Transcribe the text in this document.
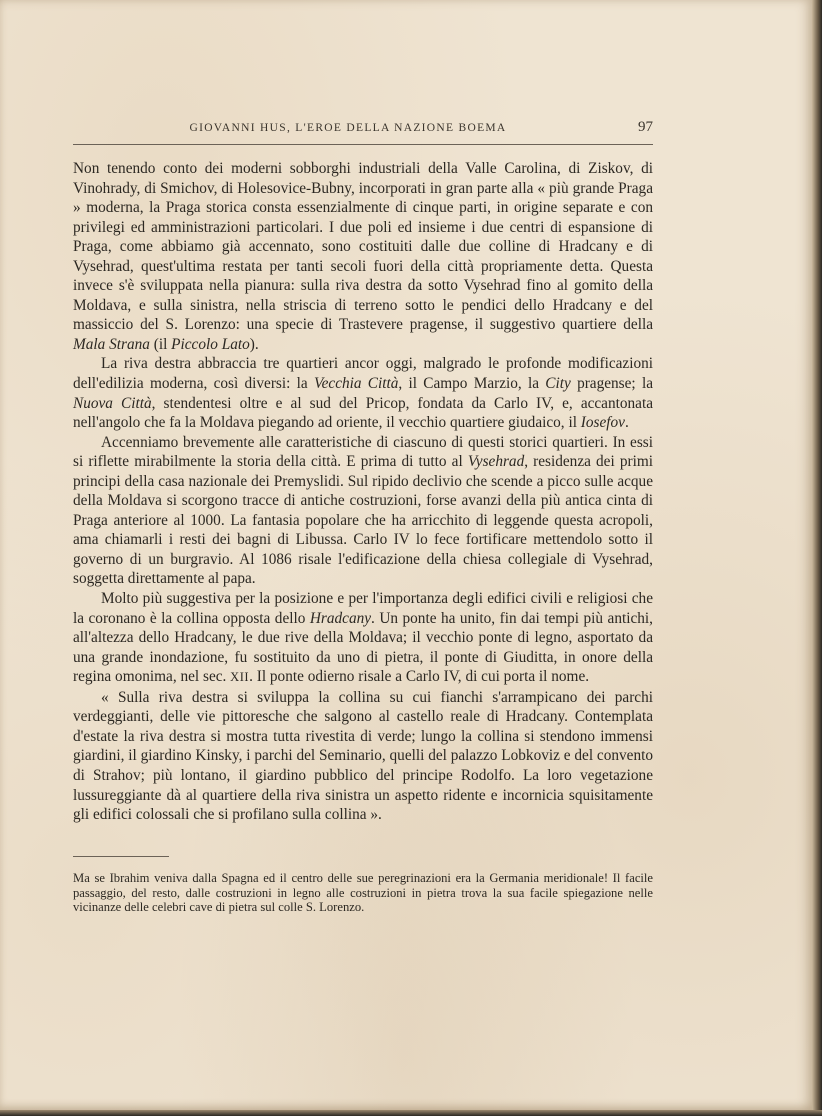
GIOVANNI HUS, L'EROE DELLA NAZIONE BOEMA	97

Non tenendo conto dei moderni sobborghi industriali della Valle Carolina, di Ziskov, di Vinohrady, di Smichov, di Holesovice-Bubny, incorporati in gran parte alla « più grande Praga » moderna, la Praga storica consta essenzialmente di cinque parti, in origine separate e con privilegi ed amministrazioni particolari. I due poli ed insieme i due centri di espansione di Praga, come abbiamo già accennato, sono costituiti dalle due colline di Hradcany e di Vysehrad, quest'ultima restata per tanti secoli fuori della città propriamente detta. Questa invece s'è sviluppata nella pianura: sulla riva destra da sotto Vysehrad fino al gomito della Moldava, e sulla sinistra, nella striscia di terreno sotto le pendici dello Hradcany e del massiccio del S. Lorenzo: una specie di Trastevere pragense, il suggestivo quartiere della Mala Strana (il Piccolo Lato).

La riva destra abbraccia tre quartieri ancor oggi, malgrado le profonde modificazioni dell'edilizia moderna, così diversi: la Vecchia Città, il Campo Marzio, la City pragense; la Nuova Città, stendentesi oltre e al sud del Pricop, fondata da Carlo IV, e, accantonata nell'angolo che fa la Moldava piegando ad oriente, il vecchio quartiere giudaico, il Iosefov.

Accenniamo brevemente alle caratteristiche di ciascuno di questi storici quartieri. In essi si riflette mirabilmente la storia della città. E prima di tutto al Vysehrad, residenza dei primi principi della casa nazionale dei Premyslidi. Sul ripido declivio che scende a picco sulle acque della Moldava si scorgono tracce di antiche costruzioni, forse avanzi della più antica cinta di Praga anteriore al 1000. La fantasia popolare che ha arricchito di leggende questa acropoli, ama chiamarli i resti dei bagni di Libussa. Carlo IV lo fece fortificare mettendolo sotto il governo di un burgravio. Al 1086 risale l'edificazione della chiesa collegiale di Vysehrad, soggetta direttamente al papa.

Molto più suggestiva per la posizione e per l'importanza degli edifici civili e religiosi che la coronano è la collina opposta dello Hradcany. Un ponte ha unito, fin dai tempi più antichi, all'altezza dello Hradcany, le due rive della Moldava; il vecchio ponte di legno, asportato da una grande inondazione, fu sostituito da uno di pietra, il ponte di Giuditta, in onore della regina omonima, nel sec. XII. Il ponte odierno risale a Carlo IV, di cui porta il nome.

« Sulla riva destra si sviluppa la collina su cui fianchi s'arrampicano dei parchi verdeggianti, delle vie pittoresche che salgono al castello reale di Hradcany. Contemplata d'estate la riva destra si mostra tutta rivestita di verde; lungo la collina si stendono immensi giardini, il giardino Kinsky, i parchi del Seminario, quelli del palazzo Lobkoviz e del convento di Strahov; più lontano, il giardino pubblico del principe Rodolfo. La loro vegetazione lussureggiante dà al quartiere della riva sinistra un aspetto ridente e incornicia squisitamente gli edifici colossali che si profilano sulla collina ».

Ma se Ibrahim veniva dalla Spagna ed il centro delle sue peregrinazioni era la Germania meridionale! Il facile passaggio, del resto, dalle costruzioni in legno alle costruzioni in pietra trova la sua facile spiegazione nelle vicinanze delle celebri cave di pietra sul colle S. Lorenzo.
